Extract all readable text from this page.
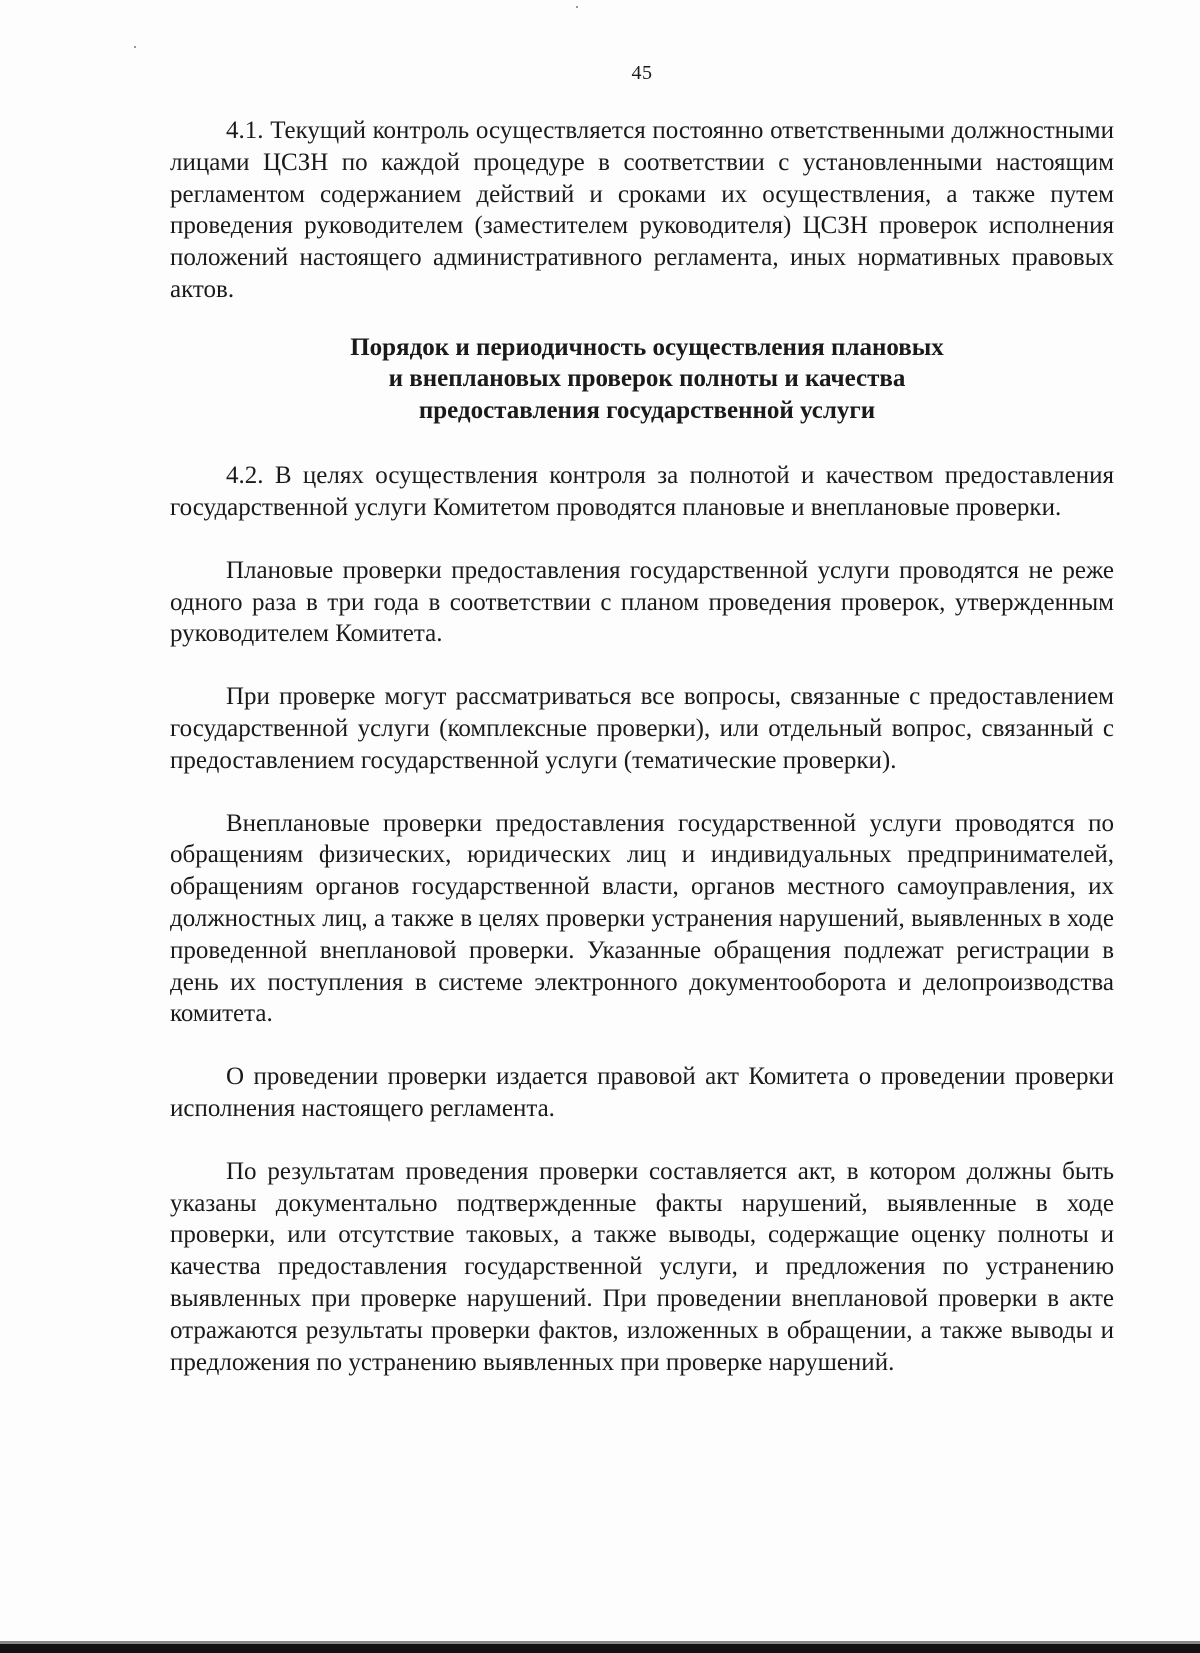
45

4.1. Текущий контроль осуществляется постоянно ответственными должностными лицами ЦСЗН по каждой процедуре в соответствии с установленными настоящим регламентом содержанием действий и сроками их осуществления, а также путем проведения руководителем (заместителем руководителя) ЦСЗН проверок исполнения положений настоящего административного регламента, иных нормативных правовых актов.

Порядок и периодичность осуществления плановых
и внеплановых проверок полноты и качества
предоставления государственной услуги

4.2. В целях осуществления контроля за полнотой и качеством предоставления государственной услуги Комитетом проводятся плановые и внеплановые проверки.

Плановые проверки предоставления государственной услуги проводятся не реже одного раза в три года в соответствии с планом проведения проверок, утвержденным руководителем Комитета.

При проверке могут рассматриваться все вопросы, связанные с предоставлением государственной услуги (комплексные проверки), или отдельный вопрос, связанный с предоставлением государственной услуги (тематические проверки).

Внеплановые проверки предоставления государственной услуги проводятся по обращениям физических, юридических лиц и индивидуальных предпринимателей, обращениям органов государственной власти, органов местного самоуправления, их должностных лиц, а также в целях проверки устранения нарушений, выявленных в ходе проведенной внеплановой проверки. Указанные обращения подлежат регистрации в день их поступления в системе электронного документооборота и делопроизводства комитета.

О проведении проверки издается правовой акт Комитета о проведении проверки исполнения настоящего регламента.

По результатам проведения проверки составляется акт, в котором должны быть указаны документально подтвержденные факты нарушений, выявленные в ходе проверки, или отсутствие таковых, а также выводы, содержащие оценку полноты и качества предоставления государственной услуги, и предложения по устранению выявленных при проверке нарушений. При проведении внеплановой проверки в акте отражаются результаты проверки фактов, изложенных в обращении, а также выводы и предложения по устранению выявленных при проверке нарушений.
